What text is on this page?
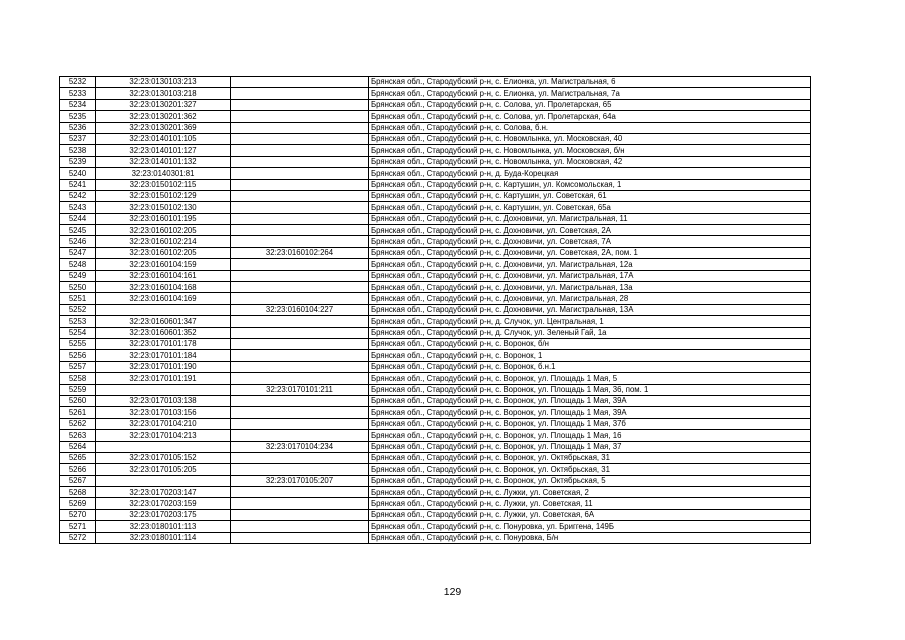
5232	32:23:0130103:213		Брянская обл., Стародубский р-н, с. Елионка, ул. Магистральная, 6
5233	32:23:0130103:218		Брянская обл., Стародубский р-н, с. Елионка, ул. Магистральная, 7а
5234	32:23:0130201:327		Брянская обл., Стародубский р-н, с. Солова, ул. Пролетарская, 65
5235	32:23:0130201:362		Брянская обл., Стародубский р-н, с. Солова, ул. Пролетарская, 64а
5236	32:23:0130201:369		Брянская обл., Стародубский р-н, с. Солова, б.н.
5237	32:23:0140101:105		Брянская обл., Стародубский р-н, с. Новомлынка, ул. Московская, 40
5238	32:23:0140101:127		Брянская обл., Стародубский р-н, с. Новомлынка, ул. Московская, б/н
5239	32:23:0140101:132		Брянская обл., Стародубский р-н, с. Новомлынка, ул. Московская, 42
5240	32:23:0140301:81		Брянская обл., Стародубский р-н, д. Буда-Корецкая
5241	32:23:0150102:115		Брянская обл., Стародубский р-н, с. Картушин, ул. Комсомольская, 1
5242	32:23:0150102:129		Брянская обл., Стародубский р-н, с. Картушин, ул. Советская, 61
5243	32:23:0150102:130		Брянская обл., Стародубский р-н, с. Картушин, ул. Советская, 65а
5244	32:23:0160101:195		Брянская обл., Стародубский р-н, с. Дохновичи, ул. Магистральная, 11
5245	32:23:0160102:205		Брянская обл., Стародубский р-н, с. Дохновичи, ул. Советская, 2А
5246	32:23:0160102:214		Брянская обл., Стародубский р-н, с. Дохновичи, ул. Советская, 7А
5247	32:23:0160102:205	32:23:0160102:264	Брянская обл., Стародубский р-н, с. Дохновичи, ул. Советская, 2А, пом. 1
5248	32:23:0160104:159		Брянская обл., Стародубский р-н, с. Дохновичи, ул. Магистральная, 12а
5249	32:23:0160104:161		Брянская обл., Стародубский р-н, с. Дохновичи, ул. Магистральная, 17А
5250	32:23:0160104:168		Брянская обл., Стародубский р-н, с. Дохновичи, ул. Магистральная, 13а
5251	32:23:0160104:169		Брянская обл., Стародубский р-н, с. Дохновичи, ул. Магистральная, 28
5252		32:23:0160104:227	Брянская обл., Стародубский р-н, с. Дохновичи, ул. Магистральная, 13А
5253	32:23:0160601:347		Брянская обл., Стародубский р-н, д. Случок, ул. Центральная, 1
5254	32:23:0160601:352		Брянская обл., Стародубский р-н, д. Случок, ул. Зеленый Гай, 1а
5255	32:23:0170101:178		Брянская обл., Стародубский р-н, с. Воронок, б/н
5256	32:23:0170101:184		Брянская обл., Стародубский р-н, с. Воронок, 1
5257	32:23:0170101:190		Брянская обл., Стародубский р-н, с. Воронок, б.н.1
5258	32:23:0170101:191		Брянская обл., Стародубский р-н, с. Воронок, ул. Площадь 1 Мая, 5
5259		32:23:0170101:211	Брянская обл., Стародубский р-н, с. Воронок, ул. Площадь 1 Мая, 36, пом. 1
5260	32:23:0170103:138		Брянская обл., Стародубский р-н, с. Воронок, ул. Площадь 1 Мая, 39А
5261	32:23:0170103:156		Брянская обл., Стародубский р-н, с. Воронок, ул. Площадь 1 Мая, 39А
5262	32:23:0170104:210		Брянская обл., Стародубский р-н, с. Воронок, ул. Площадь 1 Мая, 37б
5263	32:23:0170104:213		Брянская обл., Стародубский р-н, с. Воронок, ул. Площадь 1 Мая, 16
5264		32:23:0170104:234	Брянская обл., Стародубский р-н, с. Воронок, ул. Площадь 1 Мая, 37
5265	32:23:0170105:152		Брянская обл., Стародубский р-н, с. Воронок, ул. Октябрьская, 31
5266	32:23:0170105:205		Брянская обл., Стародубский р-н, с. Воронок, ул. Октябрьская, 31
5267		32:23:0170105:207	Брянская обл., Стародубский р-н, с. Воронок, ул. Октябрьская, 5
5268	32:23:0170203:147		Брянская обл., Стародубский р-н, с. Лужки, ул. Советская, 2
5269	32:23:0170203:159		Брянская обл., Стародубский р-н, с. Лужки, ул. Советская, 11
5270	32:23:0170203:175		Брянская обл., Стародубский р-н, с. Лужки, ул. Советская, 6А
5271	32:23:0180101:113		Брянская обл., Стародубский р-н, с. Понуровка, ул. Бриггена, 149Б
5272	32:23:0180101:114		Брянская обл., Стародубский р-н, с. Понуровка, Б/н
129
